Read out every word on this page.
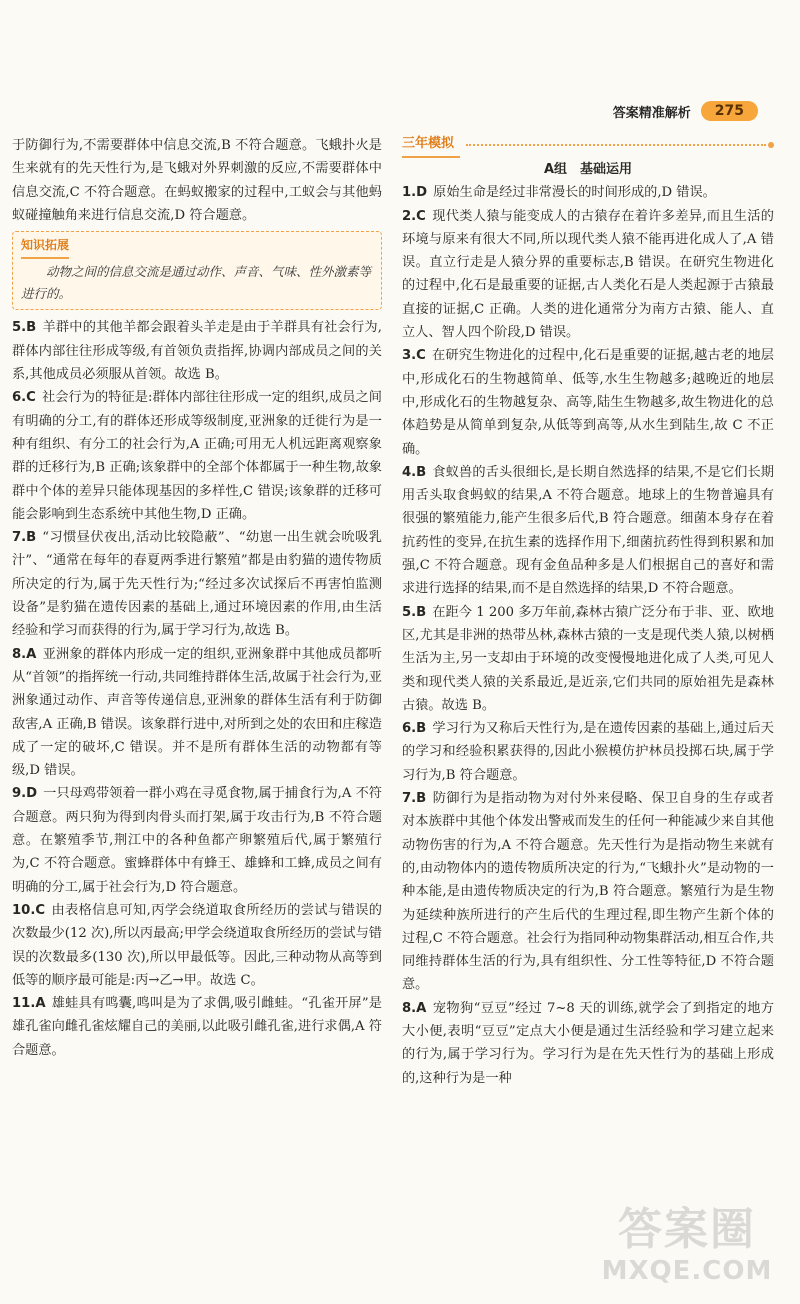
答案精准解析	275

于防御行为,不需要群体中信息交流,B 不符合题意。飞蛾扑火是生来就有的先天性行为,是飞蛾对外界刺激的反应,不需要群体中信息交流,C 不符合题意。在蚂蚁搬家的过程中,工蚁会与其他蚂蚁碰撞触角来进行信息交流,D 符合题意。

知识拓展
动物之间的信息交流是通过动作、声音、气味、性外激素等进行的。

5.B 羊群中的其他羊都会跟着头羊走是由于羊群具有社会行为,群体内部往往形成等级,有首领负责指挥,协调内部成员之间的关系,其他成员必须服从首领。故选 B。

6.C 社会行为的特征是:群体内部往往形成一定的组织,成员之间有明确的分工,有的群体还形成等级制度,亚洲象的迁徙行为是一种有组织、有分工的社会行为,A 正确;可用无人机远距离观察象群的迁移行为,B 正确;该象群中的全部个体都属于一种生物,故象群中个体的差异只能体现基因的多样性,C 错误;该象群的迁移可能会影响到生态系统中其他生物,D 正确。

7.B “习惯昼伏夜出,活动比较隐蔽”、“幼崽一出生就会吮吸乳汁”、“通常在每年的春夏两季进行繁殖”都是由豹猫的遗传物质所决定的行为,属于先天性行为;“经过多次试探后不再害怕监测设备”是豹猫在遗传因素的基础上,通过环境因素的作用,由生活经验和学习而获得的行为,属于学习行为,故选 B。

8.A 亚洲象的群体内形成一定的组织,亚洲象群中其他成员都听从“首领”的指挥统一行动,共同维持群体生活,故属于社会行为,亚洲象通过动作、声音等传递信息,亚洲象的群体生活有利于防御敌害,A 正确,B 错误。该象群行进中,对所到之处的农田和庄稼造成了一定的破坏,C 错误。并不是所有群体生活的动物都有等级,D 错误。

9.D 一只母鸡带领着一群小鸡在寻觅食物,属于捕食行为,A 不符合题意。两只狗为得到肉骨头而打架,属于攻击行为,B 不符合题意。在繁殖季节,荆江中的各种鱼都产卵繁殖后代,属于繁殖行为,C 不符合题意。蜜蜂群体中有蜂王、雄蜂和工蜂,成员之间有明确的分工,属于社会行为,D 符合题意。

10.C 由表格信息可知,丙学会绕道取食所经历的尝试与错误的次数最少(12 次),所以丙最高;甲学会绕道取食所经历的尝试与错误的次数最多(130 次),所以甲最低等。因此,三种动物从高等到低等的顺序最可能是:丙→乙→甲。故选 C。

11.A 雄蛙具有鸣囊,鸣叫是为了求偶,吸引雌蛙。“孔雀开屏”是雄孔雀向雌孔雀炫耀自己的美丽,以此吸引雌孔雀,进行求偶,A 符合题意。

三年模拟
A组　基础运用

1.D 原始生命是经过非常漫长的时间形成的,D 错误。

2.C 现代类人猿与能变成人的古猿存在着许多差异,而且生活的环境与原来有很大不同,所以现代类人猿不能再进化成人了,A 错误。直立行走是人猿分界的重要标志,B 错误。在研究生物进化的过程中,化石是最重要的证据,古人类化石是人类起源于古猿最直接的证据,C 正确。人类的进化通常分为南方古猿、能人、直立人、智人四个阶段,D 错误。

3.C 在研究生物进化的过程中,化石是重要的证据,越古老的地层中,形成化石的生物越简单、低等,水生生物越多;越晚近的地层中,形成化石的生物越复杂、高等,陆生生物越多,故生物进化的总体趋势是从简单到复杂,从低等到高等,从水生到陆生,故 C 不正确。

4.B 食蚁兽的舌头很细长,是长期自然选择的结果,不是它们长期用舌头取食蚂蚁的结果,A 不符合题意。地球上的生物普遍具有很强的繁殖能力,能产生很多后代,B 符合题意。细菌本身存在着抗药性的变异,在抗生素的选择作用下,细菌抗药性得到积累和加强,C 不符合题意。现有金鱼品种多是人们根据自己的喜好和需求进行选择的结果,而不是自然选择的结果,D 不符合题意。

5.B 在距今 1 200 多万年前,森林古猿广泛分布于非、亚、欧地区,尤其是非洲的热带丛林,森林古猿的一支是现代类人猿,以树栖生活为主,另一支却由于环境的改变慢慢地进化成了人类,可见人类和现代类人猿的关系最近,是近亲,它们共同的原始祖先是森林古猿。故选 B。

6.B 学习行为又称后天性行为,是在遗传因素的基础上,通过后天的学习和经验积累获得的,因此小猴模仿护林员投掷石块,属于学习行为,B 符合题意。

7.B 防御行为是指动物为对付外来侵略、保卫自身的生存或者对本族群中其他个体发出警戒而发生的任何一种能减少来自其他动物伤害的行为,A 不符合题意。先天性行为是指动物生来就有的,由动物体内的遗传物质所决定的行为,“飞蛾扑火”是动物的一种本能,是由遗传物质决定的行为,B 符合题意。繁殖行为是生物为延续种族所进行的产生后代的生理过程,即生物产生新个体的过程,C 不符合题意。社会行为指同种动物集群活动,相互合作,共同维持群体生活的行为,具有组织性、分工性等特征,D 不符合题意。

8.A 宠物狗“豆豆”经过 7~8 天的训练,就学会了到指定的地方大小便,表明“豆豆”定点大小便是通过生活经验和学习建立起来的行为,属于学习行为。学习行为是在先天性行为的基础上形成的,这种行为是一种

答案圈
MXQE.COM
